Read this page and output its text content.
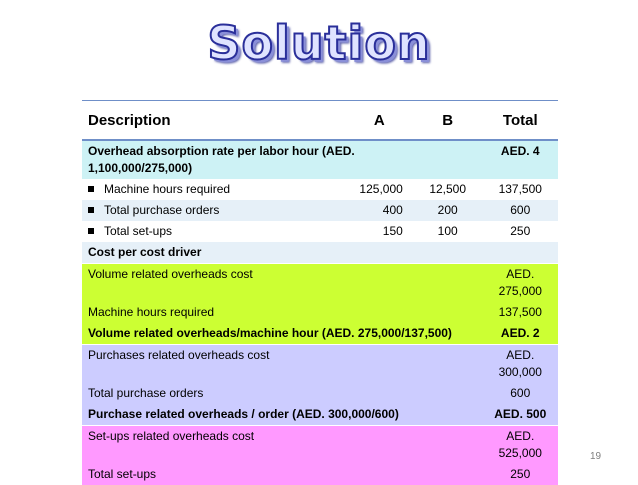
Solution
Description	A	B	Total
Overhead absorption rate per labor hour (AED. 1,100,000/275,000)			AED. 4
Machine hours required	125,000	12,500	137,500
Total purchase orders	400	200	600
Total set-ups	150	100	250
Cost per cost driver			
Volume related overheads cost			AED. 275,000
Machine hours required			137,500
Volume related overheads/machine hour (AED. 275,000/137,500)			AED. 2
Purchases related overheads cost			AED. 300,000
Total purchase orders			600
Purchase related overheads / order (AED. 300,000/600)			AED. 500
Set-ups related overheads cost			AED. 525,000
Total set-ups			250
19
